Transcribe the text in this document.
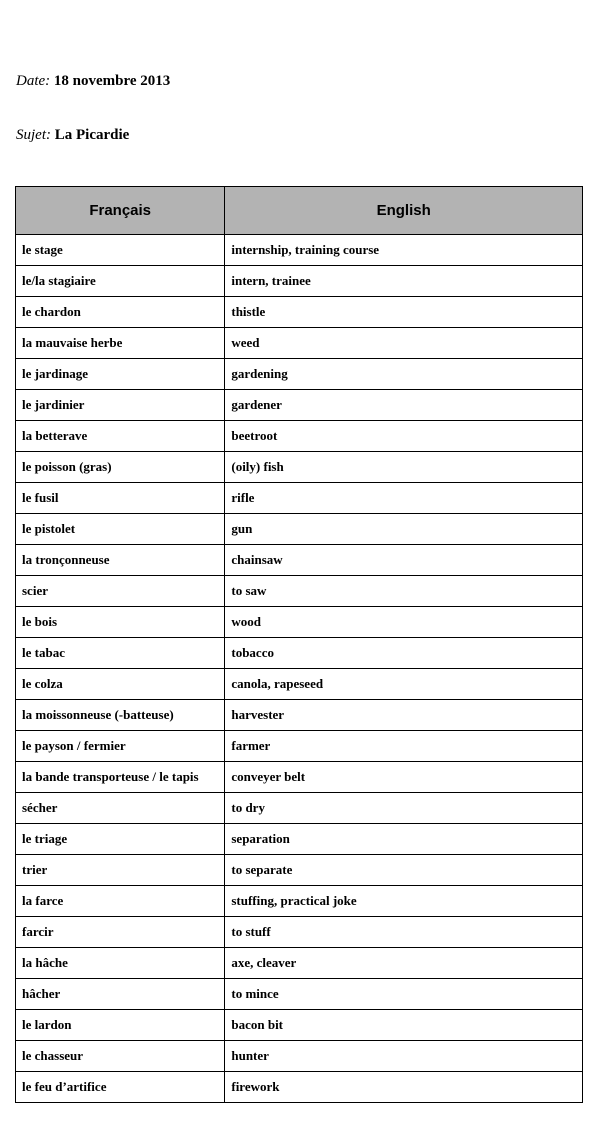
Date: 18 novembre 2013
Sujet: La Picardie
Français	English
le stage	internship, training course
le/la stagiaire	intern, trainee
le chardon	thistle
la mauvaise herbe	weed
le jardinage	gardening
le jardinier	gardener
la betterave	beetroot
le poisson (gras)	(oily) fish
le fusil	rifle
le pistolet	gun
la tronçonneuse	chainsaw
scier	to saw
le bois	wood
le tabac	tobacco
le colza	canola, rapeseed
la moissonneuse (-batteuse)	harvester
le payson / fermier	farmer
la bande transporteuse / le tapis	conveyer belt
sécher	to dry
le triage	separation
trier	to separate
la farce	stuffing, practical joke
farcir	to stuff
la hâche	axe, cleaver
hâcher	to mince
le lardon	bacon bit
le chasseur	hunter
le feu d’artifice	firework
